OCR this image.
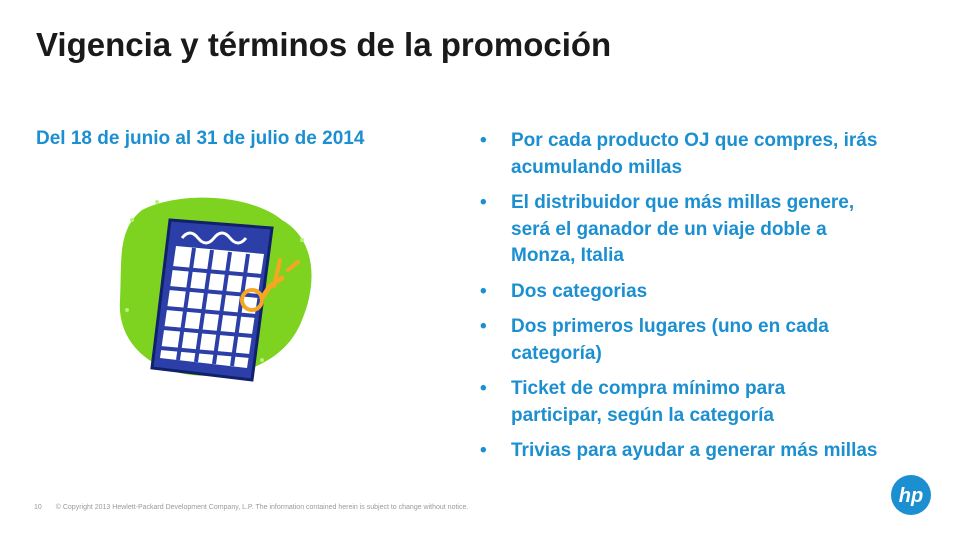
Vigencia y términos de la promoción
Del 18 de junio al 31 de julio de 2014	• Por cada producto OJ que compres, irás acumulando millas
• El distribuidor que más millas genere, será el ganador de un viaje doble a Monza, Italia
• Dos categorias
• Dos primeros lugares (uno en cada categoría)
• Ticket de compra mínimo para participar, según la categoría
• Trivias para ayudar a generar más millas
10 © Copyright 2013 Hewlett-Packard Development Company, L.P. The information contained herein is subject to change without notice.
hp
